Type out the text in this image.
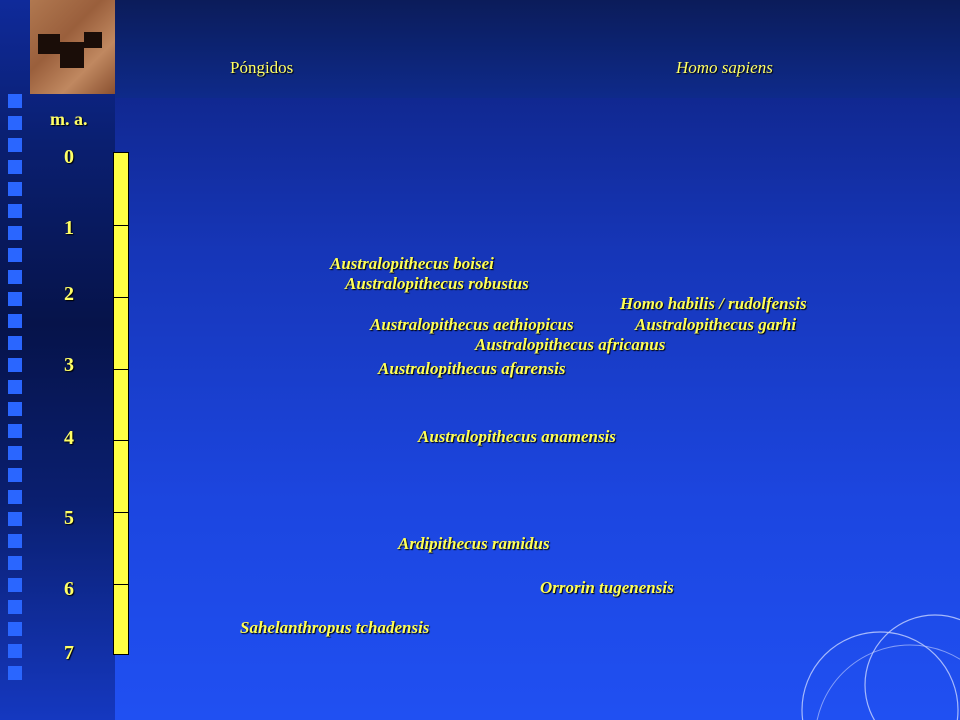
Póngidos	Homo sapiens
m. a.
0
1
2
3
4
5
6
7
Australopithecus boisei
Australopithecus robustus
Homo habilis / rudolfensis
Australopithecus aethiopicus	Australopithecus garhi
Australopithecus africanus
Australopithecus afarensis
Australopithecus anamensis
Ardipithecus ramidus
Orrorin tugenensis
Sahelanthropus tchadensis
